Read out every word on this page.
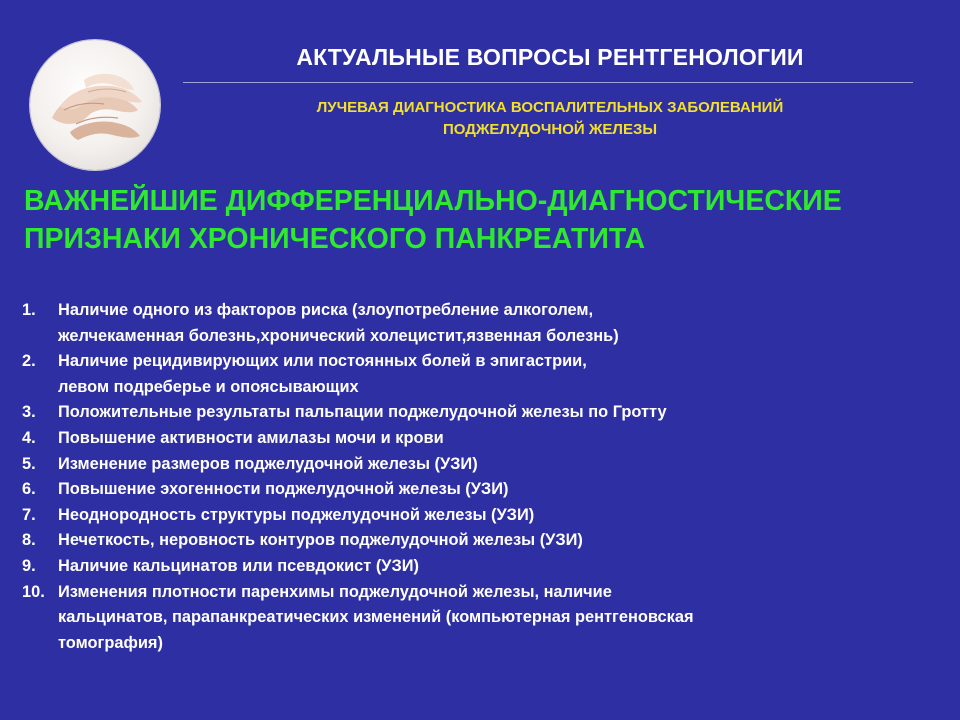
АКТУАЛЬНЫЕ ВОПРОСЫ РЕНТГЕНОЛОГИИ
ЛУЧЕВАЯ ДИАГНОСТИКА ВОСПАЛИТЕЛЬНЫХ ЗАБОЛЕВАНИЙ
ПОДЖЕЛУДОЧНОЙ ЖЕЛЕЗЫ
ВАЖНЕЙШИЕ ДИФФЕРЕНЦИАЛЬНО-ДИАГНОСТИЧЕСКИЕ
ПРИЗНАКИ ХРОНИЧЕСКОГО ПАНКРЕАТИТА
1.	Наличие одного из факторов риска (злоупотребление алкоголем,
желчекаменная болезнь,хронический холецистит,язвенная болезнь)
2.	Наличие рецидивирующих или постоянных болей в эпигастрии,
левом подреберье и опоясывающих
3.	Положительные результаты пальпации поджелудочной железы по Гротту
4.	Повышение активности амилазы мочи и крови
5.	Изменение размеров поджелудочной железы (УЗИ)
6.	Повышение эхогенности поджелудочной железы (УЗИ)
7.	Неоднородность структуры поджелудочной железы (УЗИ)
8.	Нечеткость, неровность контуров поджелудочной железы (УЗИ)
9.	Наличие кальцинатов или псевдокист (УЗИ)
10. Изменения плотности паренхимы поджелудочной железы, наличие
кальцинатов, парапанкреатических изменений (компьютерная рентгеновская
томография)
